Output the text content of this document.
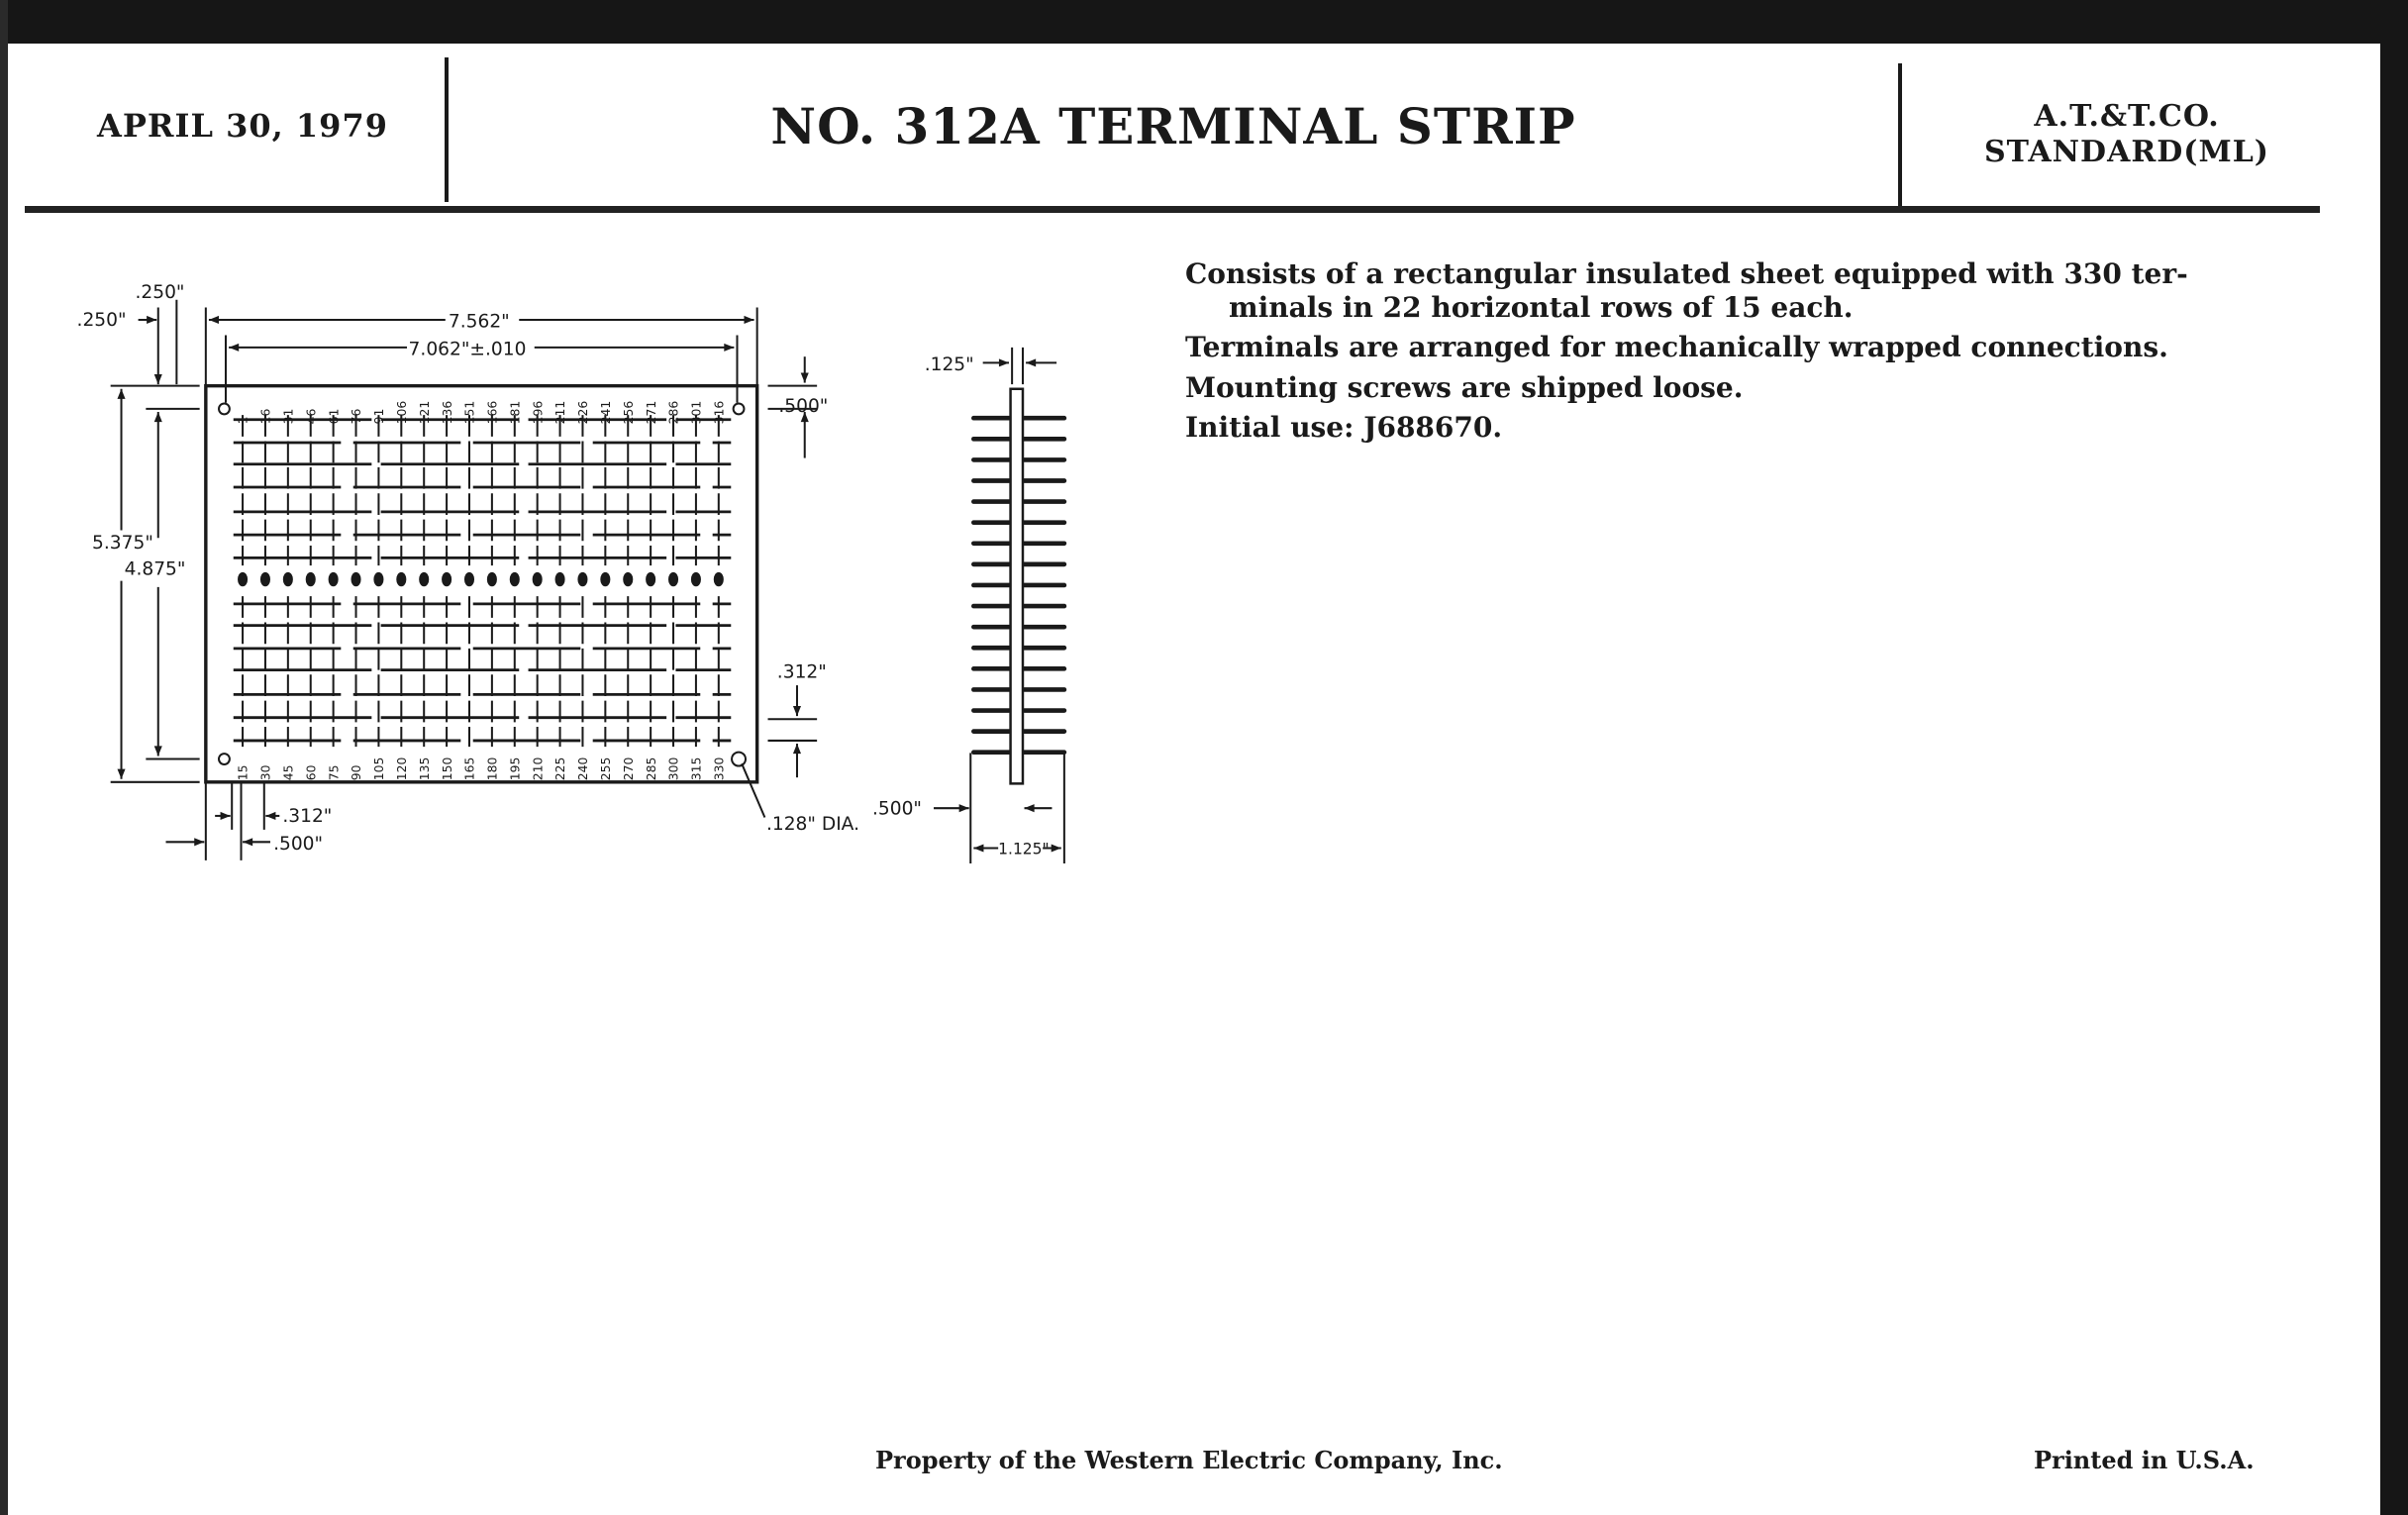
APRIL 30, 1979	NO. 312A TERMINAL STRIP	A.T.&T.CO.
STANDARD(ML)
Consists of a rectangular insulated sheet equipped with 330 ter-
minals in 22 horizontal rows of 15 each.
Terminals are arranged for mechanically wrapped connections.
Mounting screws are shipped loose.
Initial use: J688670.
.250"
.250"	7.562"
7.062"±.010
5.375"
4.875"
.500"
.312"
.128" DIA.
.312"
.500"
.125"
.500"
1.125"
1 16 31 46 61 76 91 106 121 136 151 166 181 196 211 226 241 256 271 286 301 316
15 30 45 60 75 90 105 120 135 150 165 180 195 210 225 240 255 270 285 300 315 330
Property of the Western Electric Company, Inc.	Printed in U.S.A.
